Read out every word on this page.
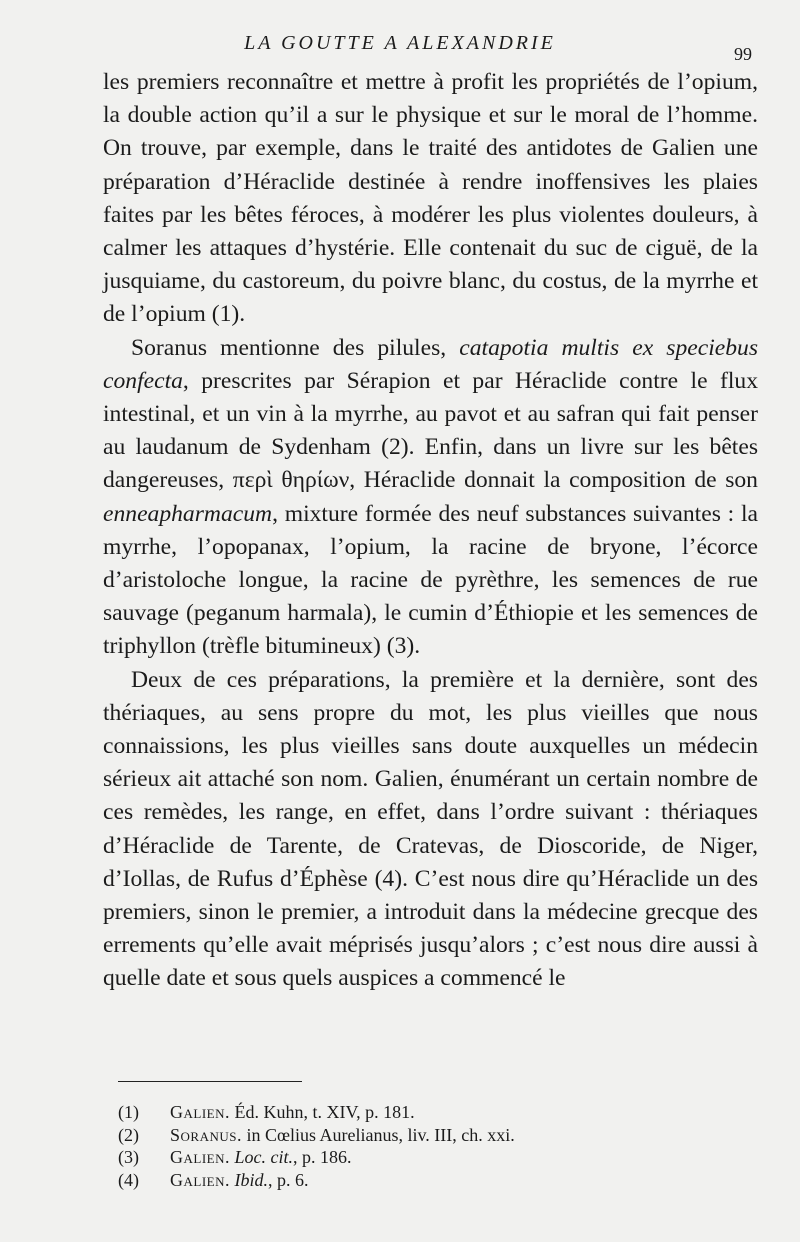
LA GOUTTE A ALEXANDRIE	99

les premiers reconnaître et mettre à profit les propriétés de l’opium, la double action qu’il a sur le physique et sur le moral de l’homme. On trouve, par exemple, dans le traité des antidotes de Galien une préparation d’Héraclide destinée à rendre inoffensives les plaies faites par les bêtes féroces, à modérer les plus violentes douleurs, à calmer les attaques d’hystérie. Elle contenait du suc de ciguë, de la jusquiame, du castoreum, du poivre blanc, du costus, de la myrrhe et de l’opium (1).

Soranus mentionne des pilules, catapotia multis ex speciebus confecta, prescrites par Sérapion et par Héraclide contre le flux intestinal, et un vin à la myrrhe, au pavot et au safran qui fait penser au laudanum de Sydenham (2). Enfin, dans un livre sur les bêtes dangereuses, περὶ θηρίων, Héraclide donnait la composition de son enneapharmacum, mixture formée des neuf substances suivantes : la myrrhe, l’opopanax, l’opium, la racine de bryone, l’écorce d’aristoloche longue, la racine de pyrèthre, les semences de rue sauvage (peganum harmala), le cumin d’Éthiopie et les semences de triphyllon (trèfle bitumineux) (3).

Deux de ces préparations, la première et la dernière, sont des thériaques, au sens propre du mot, les plus vieilles que nous connaissions, les plus vieilles sans doute auxquelles un médecin sérieux ait attaché son nom. Galien, énumérant un certain nombre de ces remèdes, les range, en effet, dans l’ordre suivant : thériaques d’Héraclide de Tarente, de Cratevas, de Dioscoride, de Niger, d’Iollas, de Rufus d’Éphèse (4). C’est nous dire qu’Héraclide un des premiers, sinon le premier, a introduit dans la médecine grecque des errements qu’elle avait méprisés jusqu’alors ; c’est nous dire aussi à quelle date et sous quels auspices a commencé le

(1) Galien. Éd. Kuhn, t. XIV, p. 181.
(2) Soranus. in Cœlius Aurelianus, liv. III, ch. xxi.
(3) Galien. Loc. cit., p. 186.
(4) Galien. Ibid., p. 6.
